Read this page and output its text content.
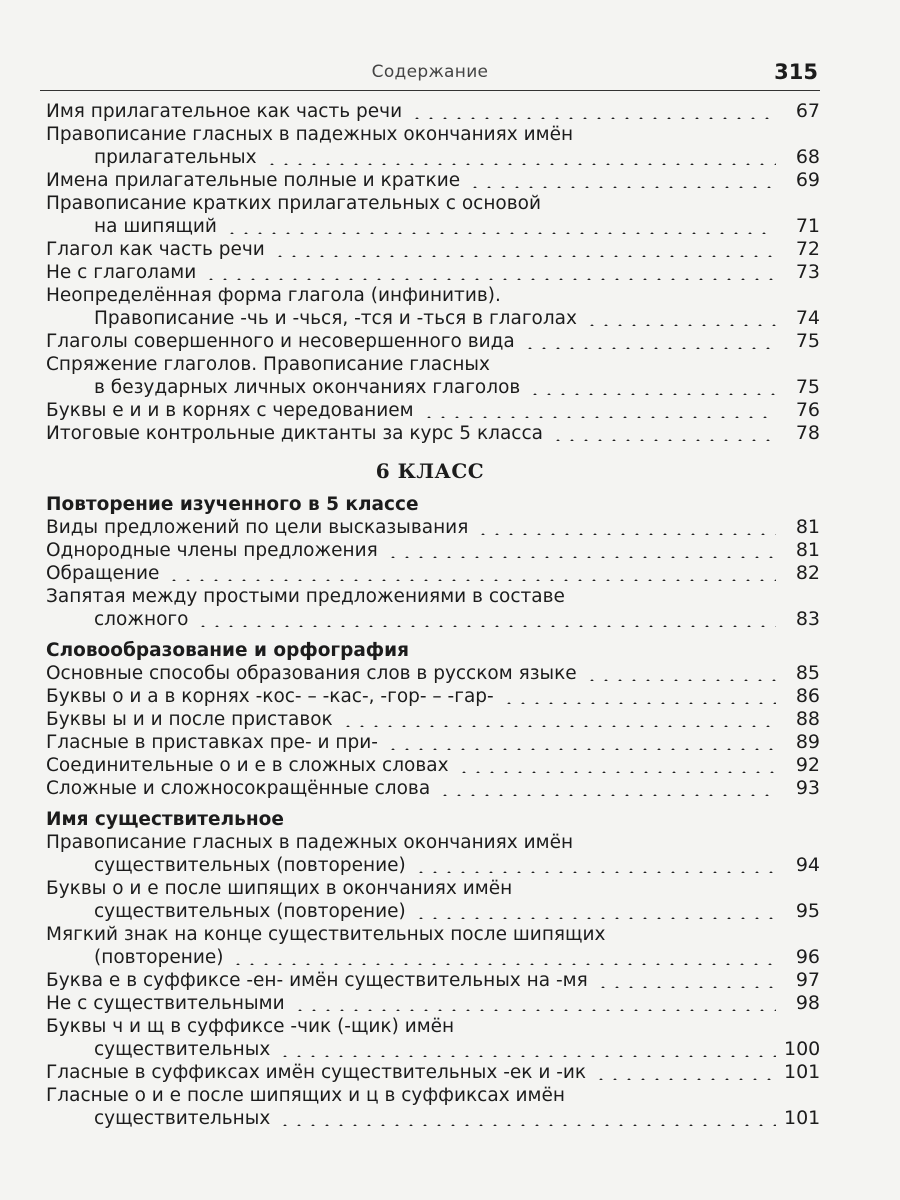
Содержание	315
Имя прилагательное как часть речи	67
Правописание гласных в падежных окончаниях имён
прилагательных	68
Имена прилагательные полные и краткие	69
Правописание кратких прилагательных с основой
на шипящий	71
Глагол как часть речи	72
Не с глаголами	73
Неопределённая форма глагола (инфинитив).
Правописание -чь и -чься, -тся и -ться в глаголах	74
Глаголы совершенного и несовершенного вида	75
Спряжение глаголов. Правописание гласных
в безударных личных окончаниях глаголов	75
Буквы е и и в корнях с чередованием	76
Итоговые контрольные диктанты за курс 5 класса	78
6 КЛАСС
Повторение изученного в 5 классе
Виды предложений по цели высказывания	81
Однородные члены предложения	81
Обращение	82
Запятая между простыми предложениями в составе
сложного	83
Словообразование и орфография
Основные способы образования слов в русском языке	85
Буквы о и а в корнях -кос- – -кас-, -гор- – -гар-	86
Буквы ы и и после приставок	88
Гласные в приставках пре- и при-	89
Соединительные о и е в сложных словах	92
Сложные и сложносокращённые слова	93
Имя существительное
Правописание гласных в падежных окончаниях имён
существительных (повторение)	94
Буквы о и е после шипящих в окончаниях имён
существительных (повторение)	95
Мягкий знак на конце существительных после шипящих
(повторение)	96
Буква е в суффиксе -ен- имён существительных на -мя	97
Не с существительными	98
Буквы ч и щ в суффиксе -чик (-щик) имён
существительных	100
Гласные в суффиксах имён существительных -ек и -ик	101
Гласные о и е после шипящих и ц в суффиксах имён
существительных	101
